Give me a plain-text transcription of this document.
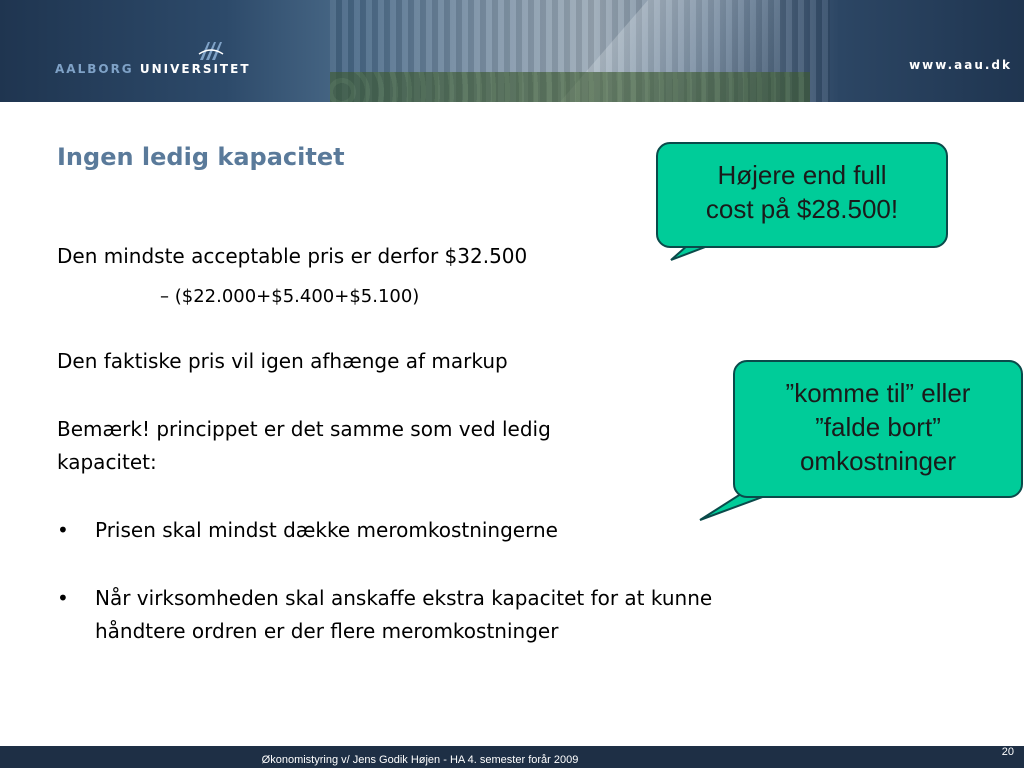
AALBORG UNIVERSITET	www.aau.dk
Ingen ledig kapacitet
Den mindste acceptable pris er derfor $32.500
– ($22.000+$5.400+$5.100)
Den faktiske pris vil igen afhænge af markup
Bemærk! princippet er det samme som ved ledig
kapacitet:
• Prisen skal mindst dække meromkostningerne
• Når virksomheden skal anskaffe ekstra kapacitet for at kunne
håndtere ordren er der flere meromkostninger
Højere end full
cost på $28.500!
”komme til” eller
”falde bort”
omkostninger
Økonomistyring v/ Jens Godik Højen - HA 4. semester forår 2009
20
